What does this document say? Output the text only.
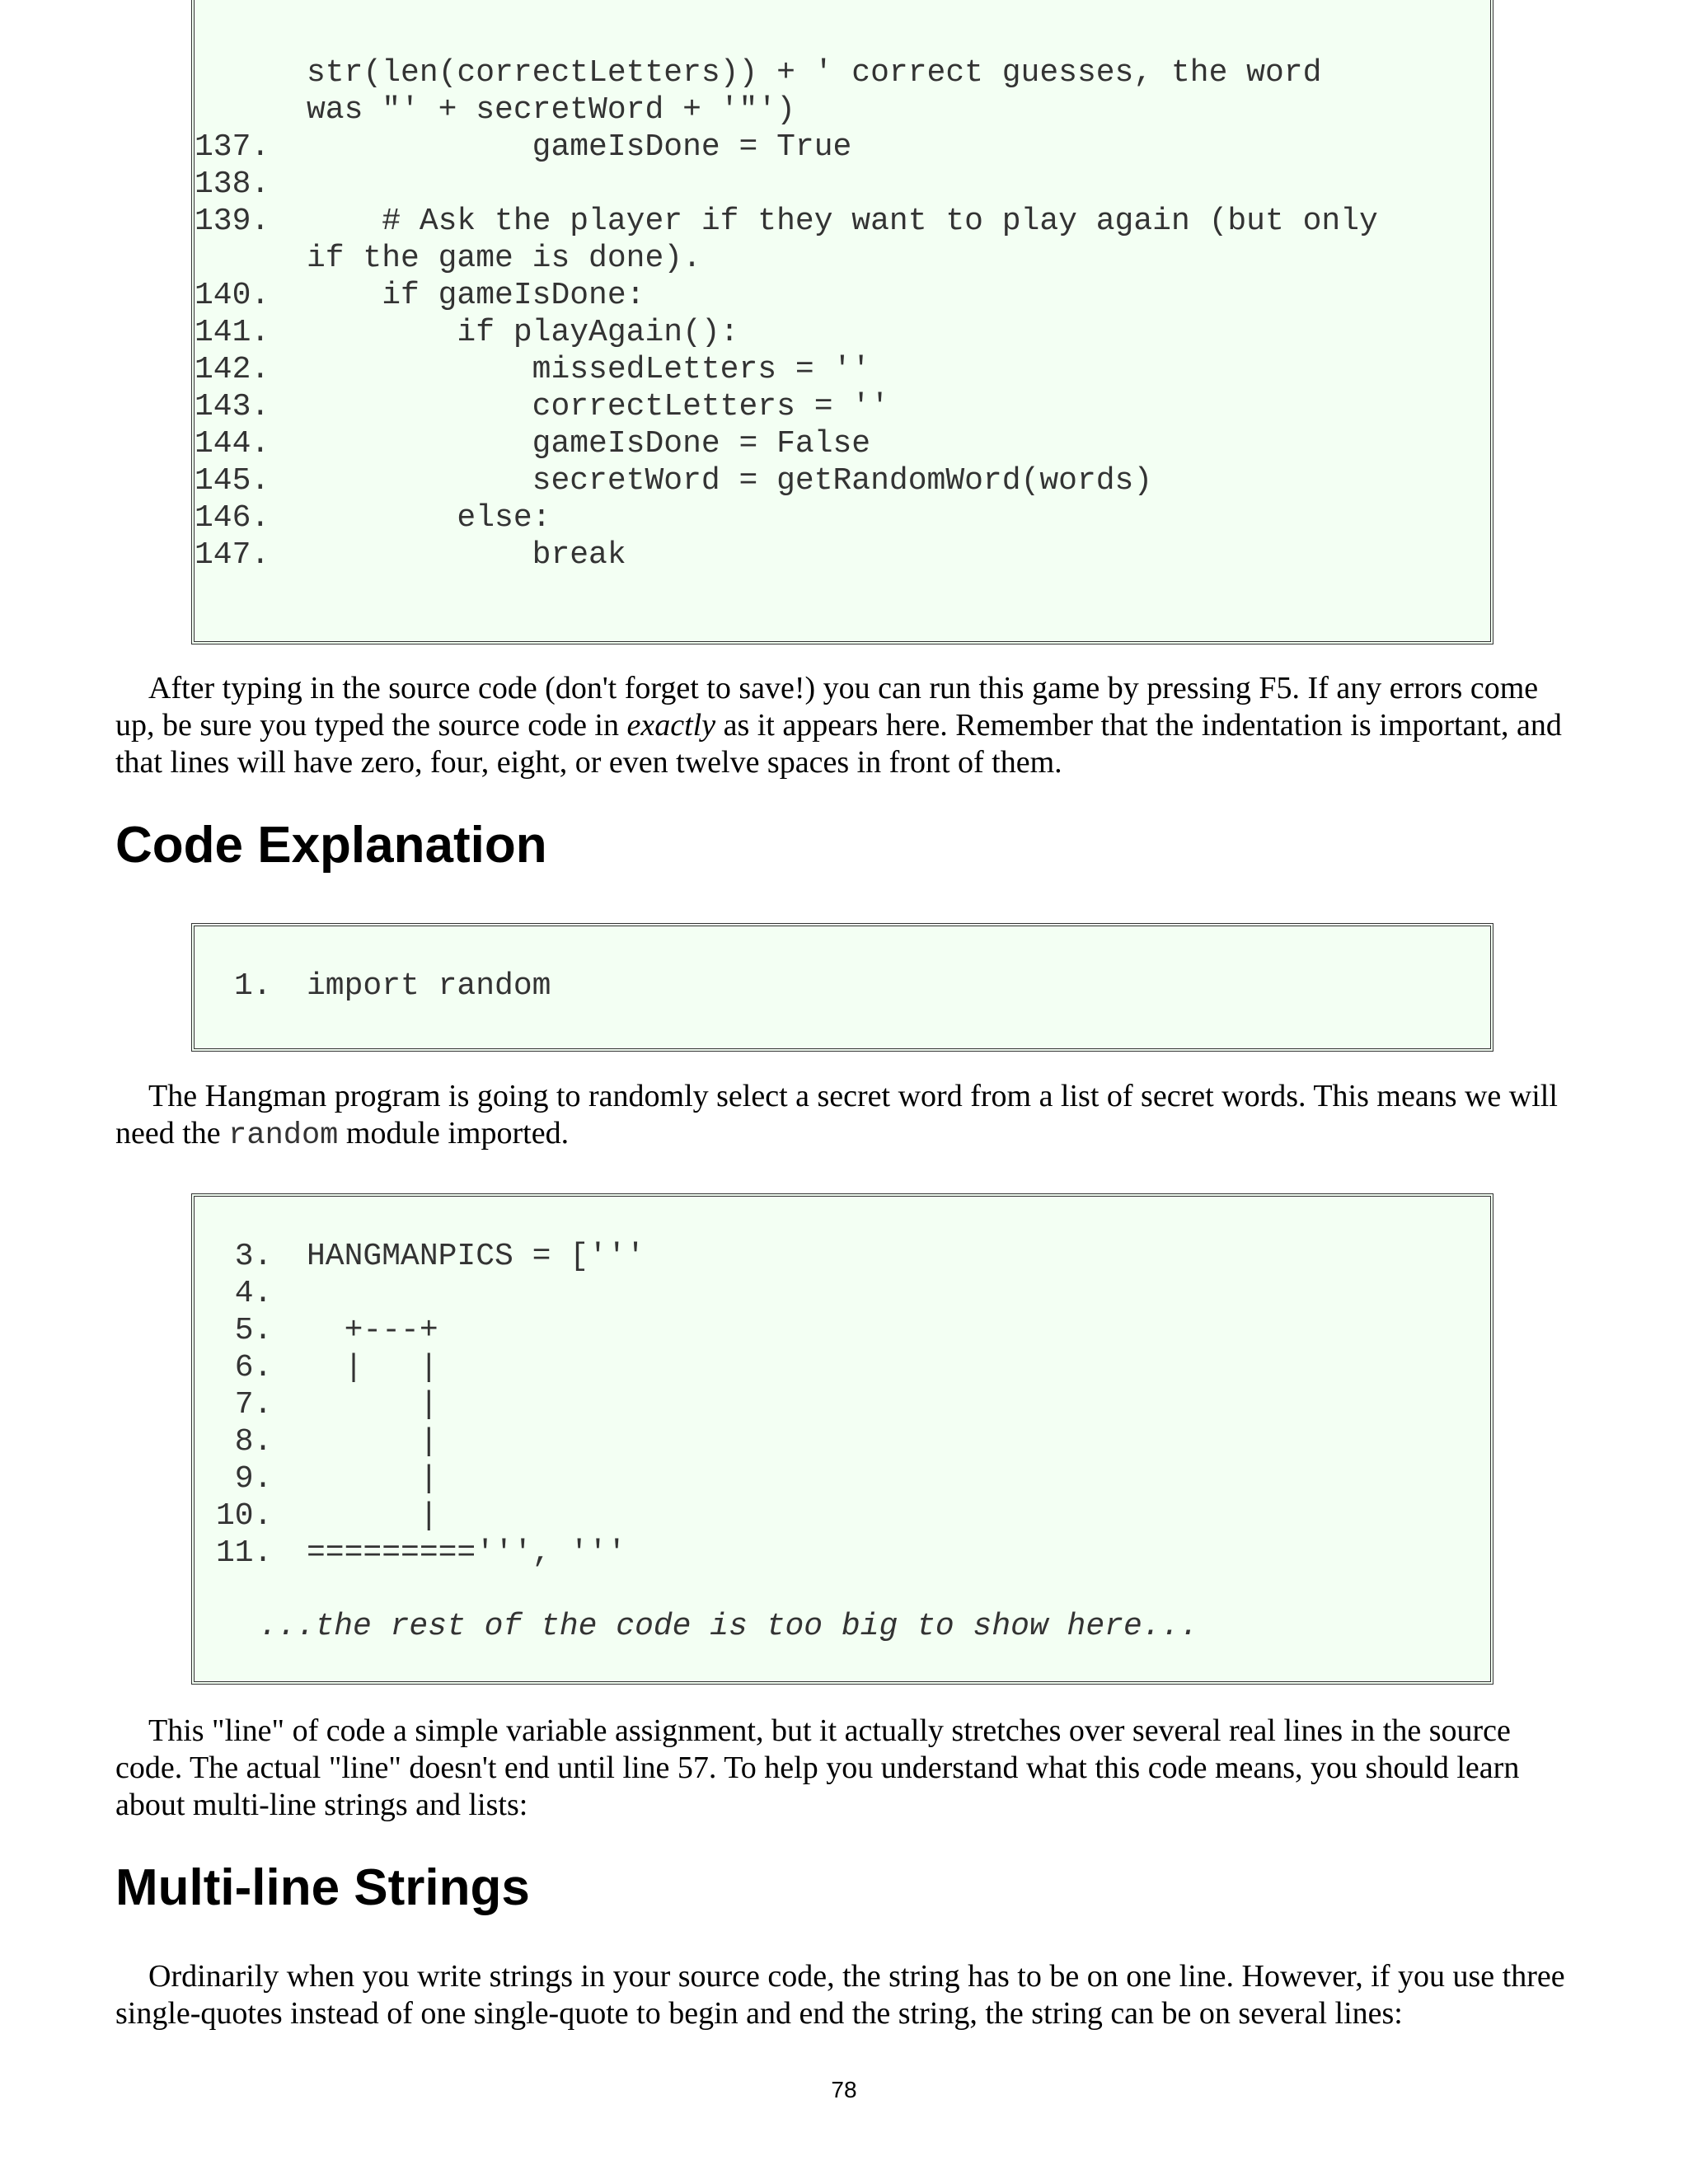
str(len(correctLetters)) + ' correct guesses, the word
was "' + secretWord + '"')
137. gameIsDone = True
138.
139. # Ask the player if they want to play again (but only
if the game is done).
140. if gameIsDone:
141. if playAgain():
142. missedLetters = ''
143. correctLetters = ''
144. gameIsDone = False
145. secretWord = getRandomWord(words)
146. else:
147. break

After typing in the source code (don't forget to save!) you can run this game by pressing F5. If any errors come up, be sure you typed the source code in exactly as it appears here. Remember that the indentation is important, and that lines will have zero, four, eight, or even twelve spaces in front of them.

Code Explanation
1. import random

The Hangman program is going to randomly select a secret word from a list of secret words. This means we will need the random module imported.

3. HANGMANPICS = ['''
4.
5. +---+
6. |   |
7. |
8. |
9. |
10. |
11. =========''', '''
...the rest of the code is too big to show here...

This "line" of code a simple variable assignment, but it actually stretches over several real lines in the source code. The actual "line" doesn't end until line 57. To help you understand what this code means, you should learn about multi-line strings and lists:

Multi-line Strings

Ordinarily when you write strings in your source code, the string has to be on one line. However, if you use three single-quotes instead of one single-quote to begin and end the string, the string can be on several lines:

78
